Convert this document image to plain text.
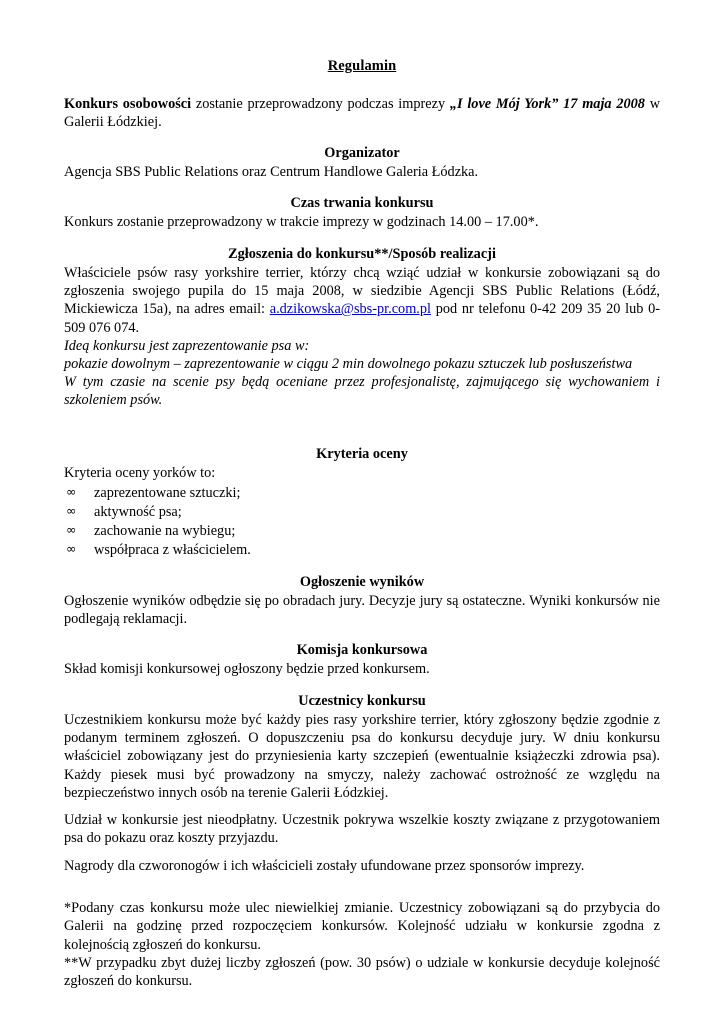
Regulamin

Konkurs osobowości zostanie przeprowadzony podczas imprezy „I love Mój York” 17 maja 2008 w Galerii Łódzkiej.

Organizator

Agencja SBS Public Relations oraz Centrum Handlowe Galeria Łódzka.

Czas trwania konkursu

Konkurs zostanie przeprowadzony w trakcie imprezy w godzinach 14.00 – 17.00*.

Zgłoszenia do konkursu**/Sposób realizacji

Właściciele psów rasy yorkshire terrier, którzy chcą wziąć udział w konkursie zobowiązani są do zgłoszenia swojego pupila do 15 maja 2008, w siedzibie Agencji SBS Public Relations (Łódź, Mickiewicza 15a), na adres email: a.dzikowska@sbs-pr.com.pl pod nr telefonu 0-42 209 35 20 lub 0-509 076 074.

Ideą konkursu jest zaprezentowanie psa w:

pokazie dowolnym – zaprezentowanie w ciągu 2 min dowolnego pokazu sztuczek lub posłuszeństwa

W tym czasie na scenie psy będą oceniane przez profesjonalistę, zajmującego się wychowaniem i szkoleniem psów.

Kryteria oceny

Kryteria oceny yorków to:

∞ zaprezentowane sztuczki;
∞ aktywność psa;
∞ zachowanie na wybiegu;
∞ współpraca z właścicielem.
Ogłoszenie wyników

Ogłoszenie wyników odbędzie się po obradach jury. Decyzje jury są ostateczne. Wyniki konkursów nie podlegają reklamacji.

Komisja konkursowa

Skład komisji konkursowej ogłoszony będzie przed konkursem.

Uczestnicy konkursu

Uczestnikiem konkursu może być każdy pies rasy yorkshire terrier, który zgłoszony będzie zgodnie z podanym terminem zgłoszeń. O dopuszczeniu psa do konkursu decyduje jury. W dniu konkursu właściciel zobowiązany jest do przyniesienia karty szczepień (ewentualnie książeczki zdrowia psa). Każdy piesek musi być prowadzony na smyczy, należy zachować ostrożność ze względu na bezpieczeństwo innych osób na terenie Galerii Łódzkiej.

Udział w konkursie jest nieodpłatny. Uczestnik pokrywa wszelkie koszty związane z przygotowaniem psa do pokazu oraz koszty przyjazdu.

Nagrody dla czworonogów i ich właścicieli zostały ufundowane przez sponsorów imprezy.

*Podany czas konkursu może ulec niewielkiej zmianie. Uczestnicy zobowiązani są do przybycia do Galerii na godzinę przed rozpoczęciem konkursów. Kolejność udziału w konkursie zgodna z kolejnością zgłoszeń do konkursu.

**W przypadku zbyt dużej liczby zgłoszeń (pow. 30 psów) o udziale w konkursie decyduje kolejność zgłoszeń do konkursu.
